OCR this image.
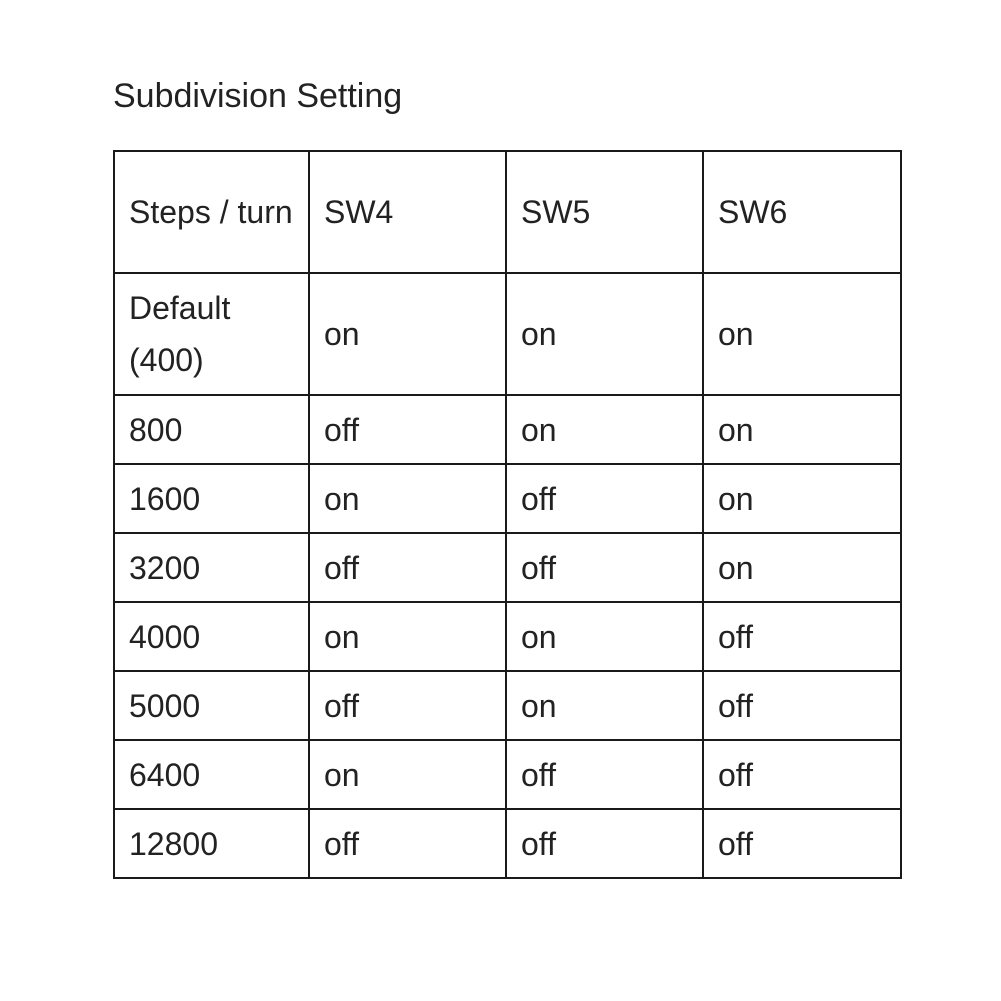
Subdivision Setting
Steps / turn	SW4	SW5	SW6
Default (400)	on	on	on
800	off	on	on
1600	on	off	on
3200	off	off	on
4000	on	on	off
5000	off	on	off
6400	on	off	off
12800	off	off	off
